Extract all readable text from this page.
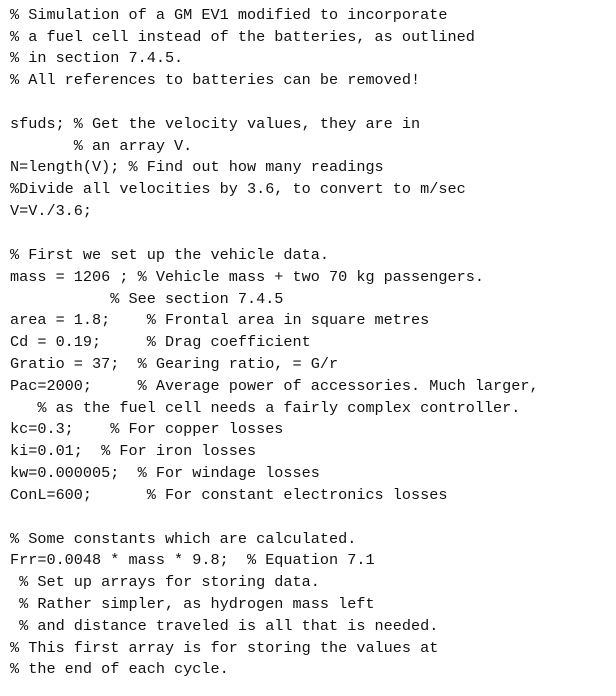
% Simulation of a GM EV1 modified to incorporate
% a fuel cell instead of the batteries, as outlined
% in section 7.4.5.
% All references to batteries can be removed!
sfuds; % Get the velocity values, they are in
% an array V.
N=length(V); % Find out how many readings
%Divide all velocities by 3.6, to convert to m/sec
V=V./3.6;
% First we set up the vehicle data.
mass = 1206 ; % Vehicle mass + two 70 kg passengers.
% See section 7.4.5
area = 1.8;    % Frontal area in square metres
Cd = 0.19;     % Drag coefficient
Gratio = 37;  % Gearing ratio, = G/r
Pac=2000;     % Average power of accessories. Much larger,
% as the fuel cell needs a fairly complex controller.
kc=0.3;    % For copper losses
ki=0.01;  % For iron losses
kw=0.000005;  % For windage losses
ConL=600;      % For constant electronics losses
% Some constants which are calculated.
Frr=0.0048 * mass * 9.8;  % Equation 7.1
% Set up arrays for storing data.
% Rather simpler, as hydrogen mass left
% and distance traveled is all that is needed.
% This first array is for storing the values at
% the end of each cycle.
